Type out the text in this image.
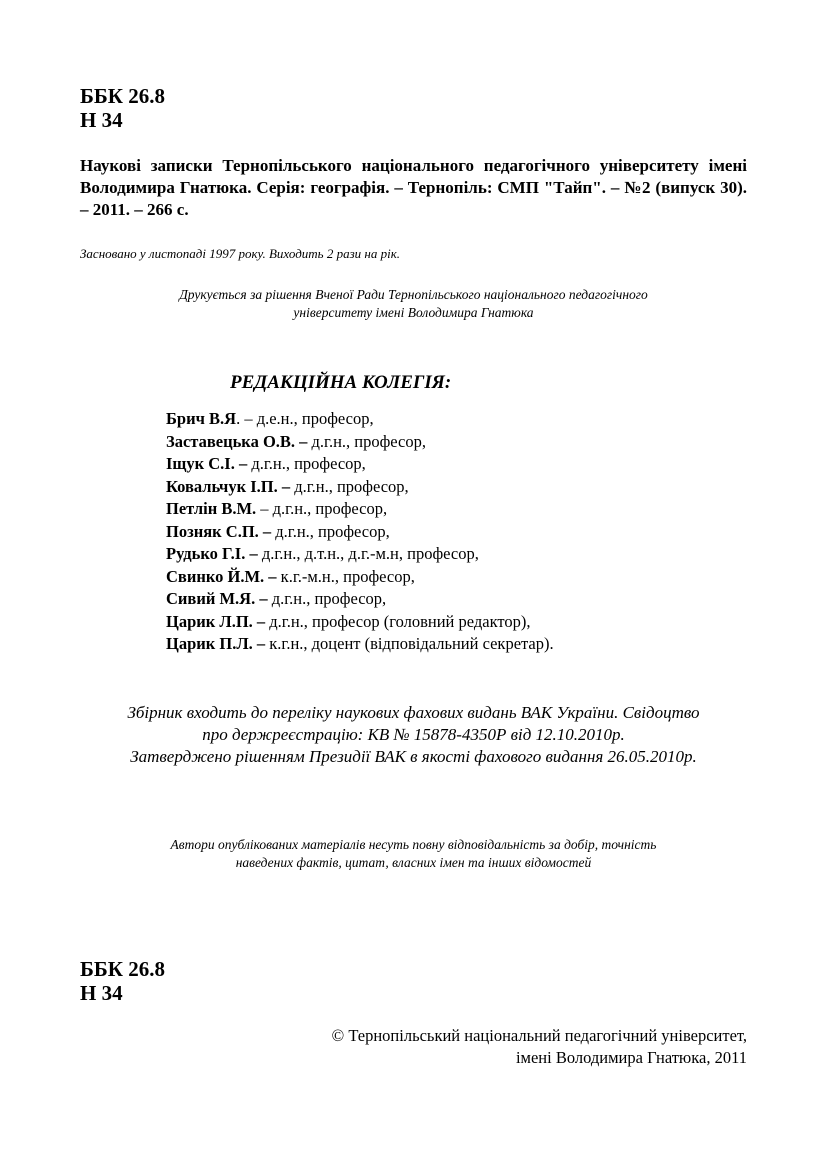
ББК 26.8
Н 34
Наукові записки Тернопільського національного педагогічного університету імені Володимира Гнатюка. Серія: географія. – Тернопіль: СМП "Тайп". – №2 (випуск 30). – 2011. – 266 с.
Засновано у листопаді 1997 року. Виходить 2 рази на рік.
Друкується за рішення Вченої Ради Тернопільського національного педагогічного
університету імені Володимира Гнатюка
РЕДАКЦІЙНА КОЛЕГІЯ:
Брич В.Я. – д.е.н., професор,
Заставецька О.В. – д.г.н., професор,
Іщук С.І. – д.г.н., професор,
Ковальчук І.П. – д.г.н., професор,
Петлін В.М. – д.г.н., професор,
Позняк С.П. – д.г.н., професор,
Рудько Г.І. – д.г.н., д.т.н., д.г.-м.н, професор,
Свинко Й.М. – к.г.-м.н., професор,
Сивий М.Я. – д.г.н., професор,
Царик Л.П. – д.г.н., професор (головний редактор),
Царик П.Л. – к.г.н., доцент (відповідальний секретар).
Збірник входить до переліку наукових фахових видань ВАК України. Свідоцтво
про держреєстрацію: КВ № 15878-4350Р від 12.10.2010р.
Затверджено рішенням Президії ВАК в якості фахового видання 26.05.2010р.
Автори опублікованих матеріалів несуть повну відповідальність за добір, точність
наведених фактів, цитат, власних імен та інших відомостей
ББК 26.8
Н 34
© Тернопільський національний педагогічний університет,
імені Володимира Гнатюка, 2011
